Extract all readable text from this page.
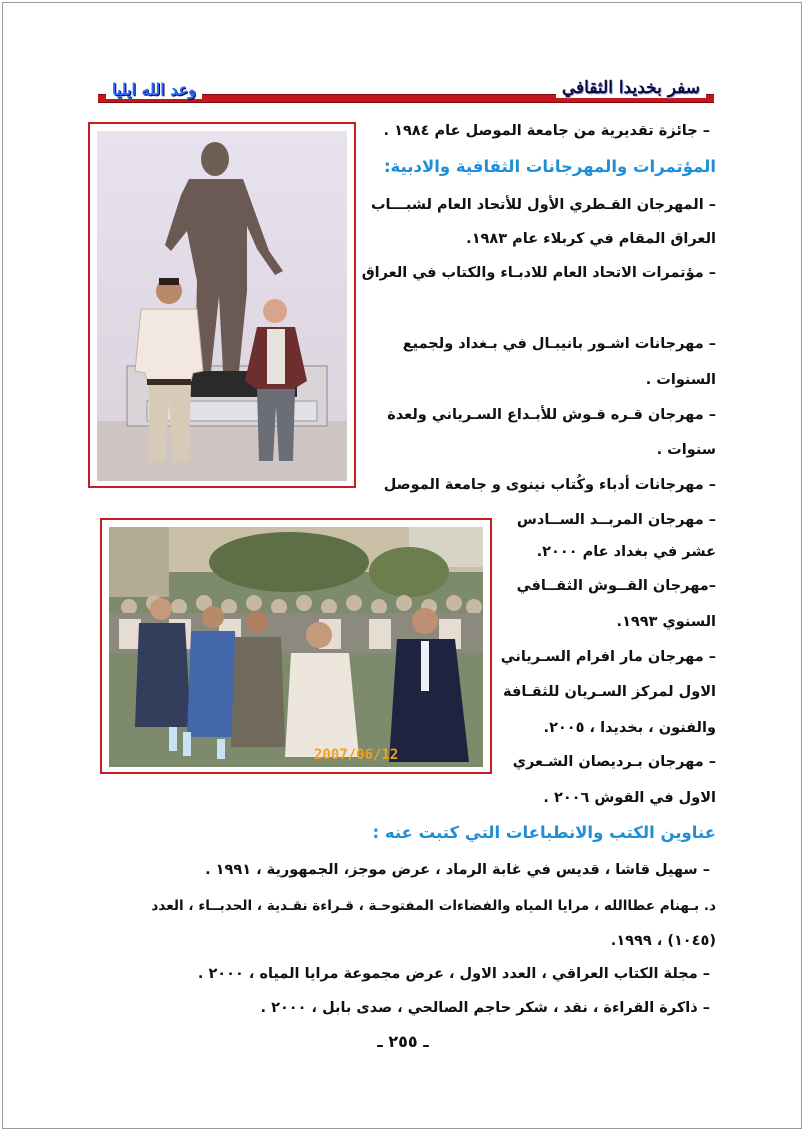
سفر بخديدا الثقافي
وعد الله ايليا
2007/06/12
– جائزة تقديرية من جامعة الموصل عام ١٩٨٤ .
المؤتمرات والمهرجانات الثقافية والادبية:
– المهرجان القـطري الأول للأتحاد العام لشبـــاب
العراق المقام في كربلاء عام ١٩٨٣.
– مؤتمرات الاتحاد العام للادبـاء والكتاب في العراق
– مهرجانات اشـور بانيبـال في بـغداد ولجميع
السنوات .
– مهرجان قـره قـوش للأبـداع السـرياني ولعدة
سنوات .
– مهرجانات أدباء وكُتاب نينوى و جامعة الموصل
– مهرجان المربــد الســادس
عشر في بغداد عام ٢٠٠٠.
–مهرجان القــوش الثقــافي
السنوي ١٩٩٣.
– مهرجان مار افرام السـرياني
الاول لمركز السـريان للثقـافة
والفنون ، بخديدا ، ٢٠٠٥.
– مهرجان بـرديصان الشـعري
الاول في القوش ٢٠٠٦ .
عناوين الكتب والانطباعات التي كتبت عنه :
– سهيل قاشا ، قديس في غابة الرماد ، عرض موجز، الجمهورية ، ١٩٩١ .
د. بـهنام عطاالله ، مرايا المياه والفضاءات المفتوحـة ، قـراءة نقـدية ، الحدبــاء ، العدد
(١٠٤٥) ، ١٩٩٩.
– مجلة الكتاب العراقي ، العدد الاول ، عرض مجموعة مرايا المياه ، ٢٠٠٠ .
– ذاكرة القراءة ، نقد ، شكر حاجم الصالحي ، صدى بابل ، ٢٠٠٠ .
ـ ٢٥٥ ـ
